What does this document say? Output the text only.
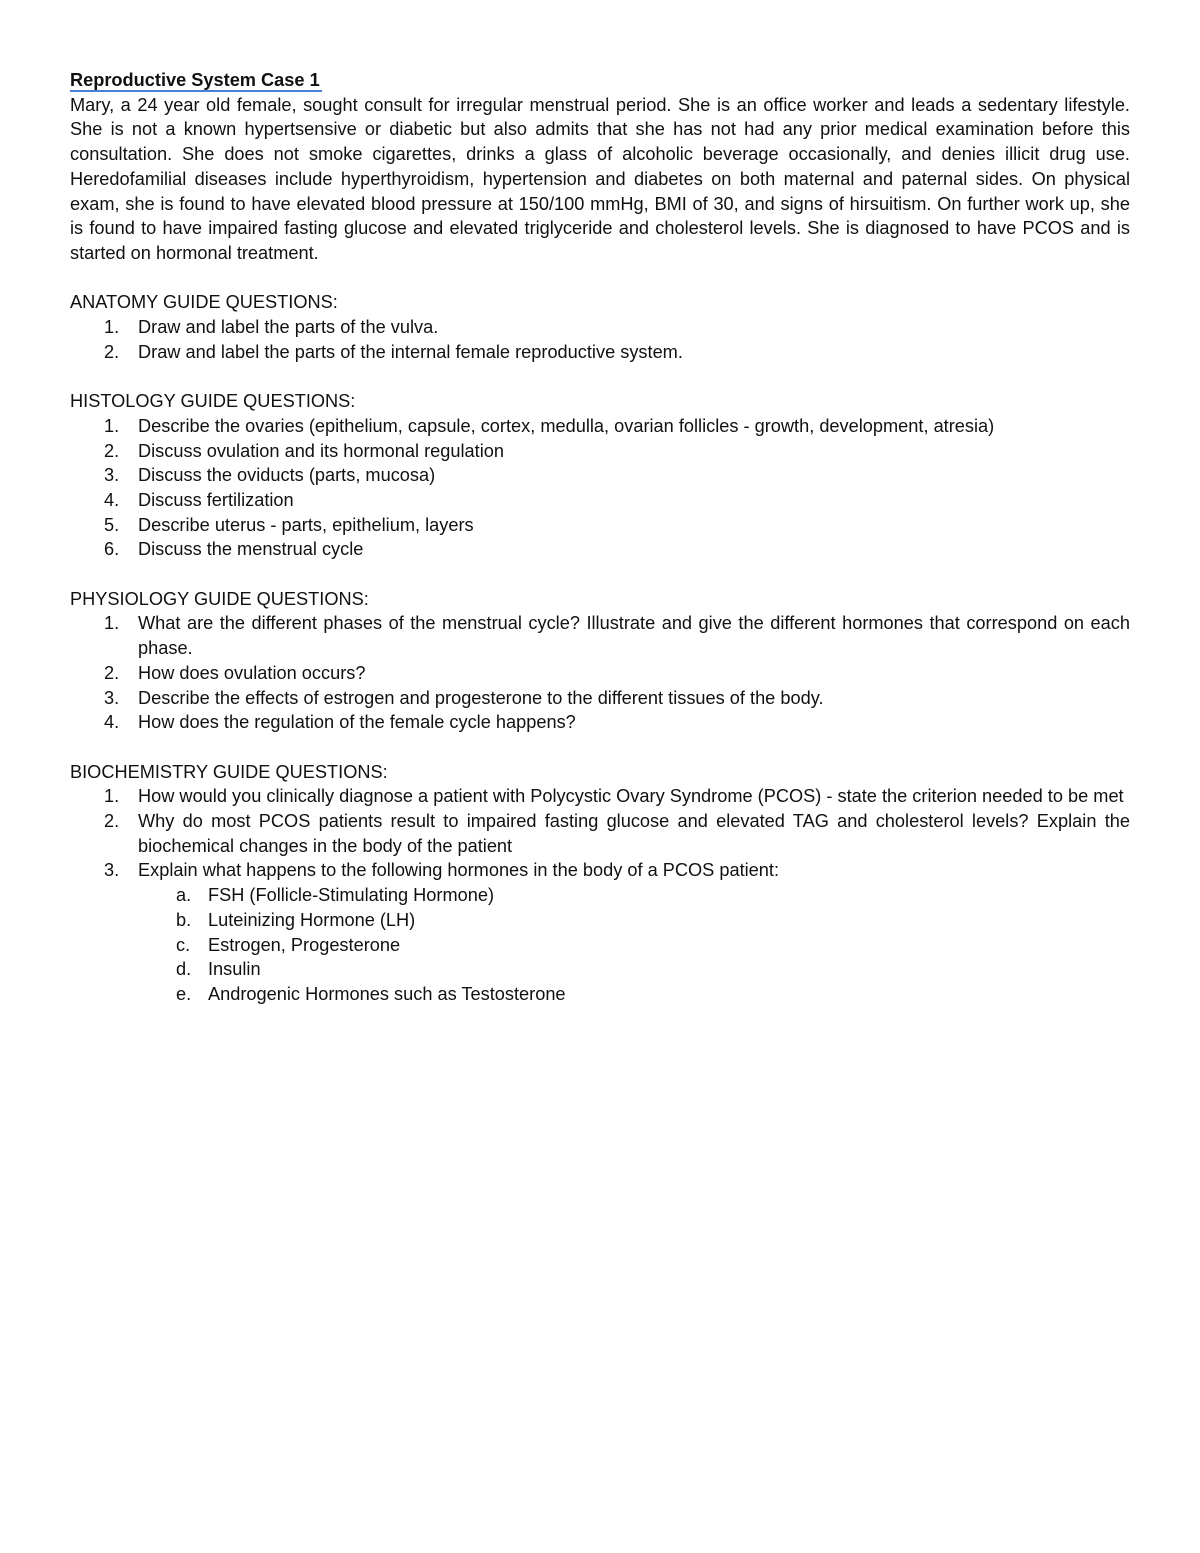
Reproductive System Case 1

Mary, a 24 year old female, sought consult for irregular menstrual period. She is an office worker and leads a sedentary lifestyle. She is not a known hypertsensive or diabetic but also admits that she has not had any prior medical examination before this consultation. She does not smoke cigarettes, drinks a glass of alcoholic beverage occasionally, and denies illicit drug use. Heredofamilial diseases include hyperthyroidism, hypertension and diabetes on both maternal and paternal sides. On physical exam, she is found to have elevated blood pressure at 150/100 mmHg, BMI of 30, and signs of hirsuitism. On further work up, she is found to have impaired fasting glucose and elevated triglyceride and cholesterol levels. She is diagnosed to have PCOS and is started on hormonal treatment.

ANATOMY GUIDE QUESTIONS:

1. Draw and label the parts of the vulva.
2. Draw and label the parts of the internal female reproductive system.

HISTOLOGY GUIDE QUESTIONS:

1. Describe the ovaries (epithelium, capsule, cortex, medulla, ovarian follicles - growth, development, atresia)
2. Discuss ovulation and its hormonal regulation
3. Discuss the oviducts (parts, mucosa)
4. Discuss fertilization
5. Describe uterus - parts, epithelium, layers
6. Discuss the menstrual cycle

PHYSIOLOGY GUIDE QUESTIONS:

1. What are the different phases of the menstrual cycle? Illustrate and give the different hormones that correspond on each phase.
2. How does ovulation occurs?
3. Describe the effects of estrogen and progesterone to the different tissues of the body.
4. How does the regulation of the female cycle happens?

BIOCHEMISTRY GUIDE QUESTIONS:

1. How would you clinically diagnose a patient with Polycystic Ovary Syndrome (PCOS) - state the criterion needed to be met
2. Why do most PCOS patients result to impaired fasting glucose and elevated TAG and cholesterol levels? Explain the biochemical changes in the body of the patient
3. Explain what happens to the following hormones in the body of a PCOS patient:
a. FSH (Follicle-Stimulating Hormone)
b. Luteinizing Hormone (LH)
c. Estrogen, Progesterone
d. Insulin
e. Androgenic Hormones such as Testosterone
